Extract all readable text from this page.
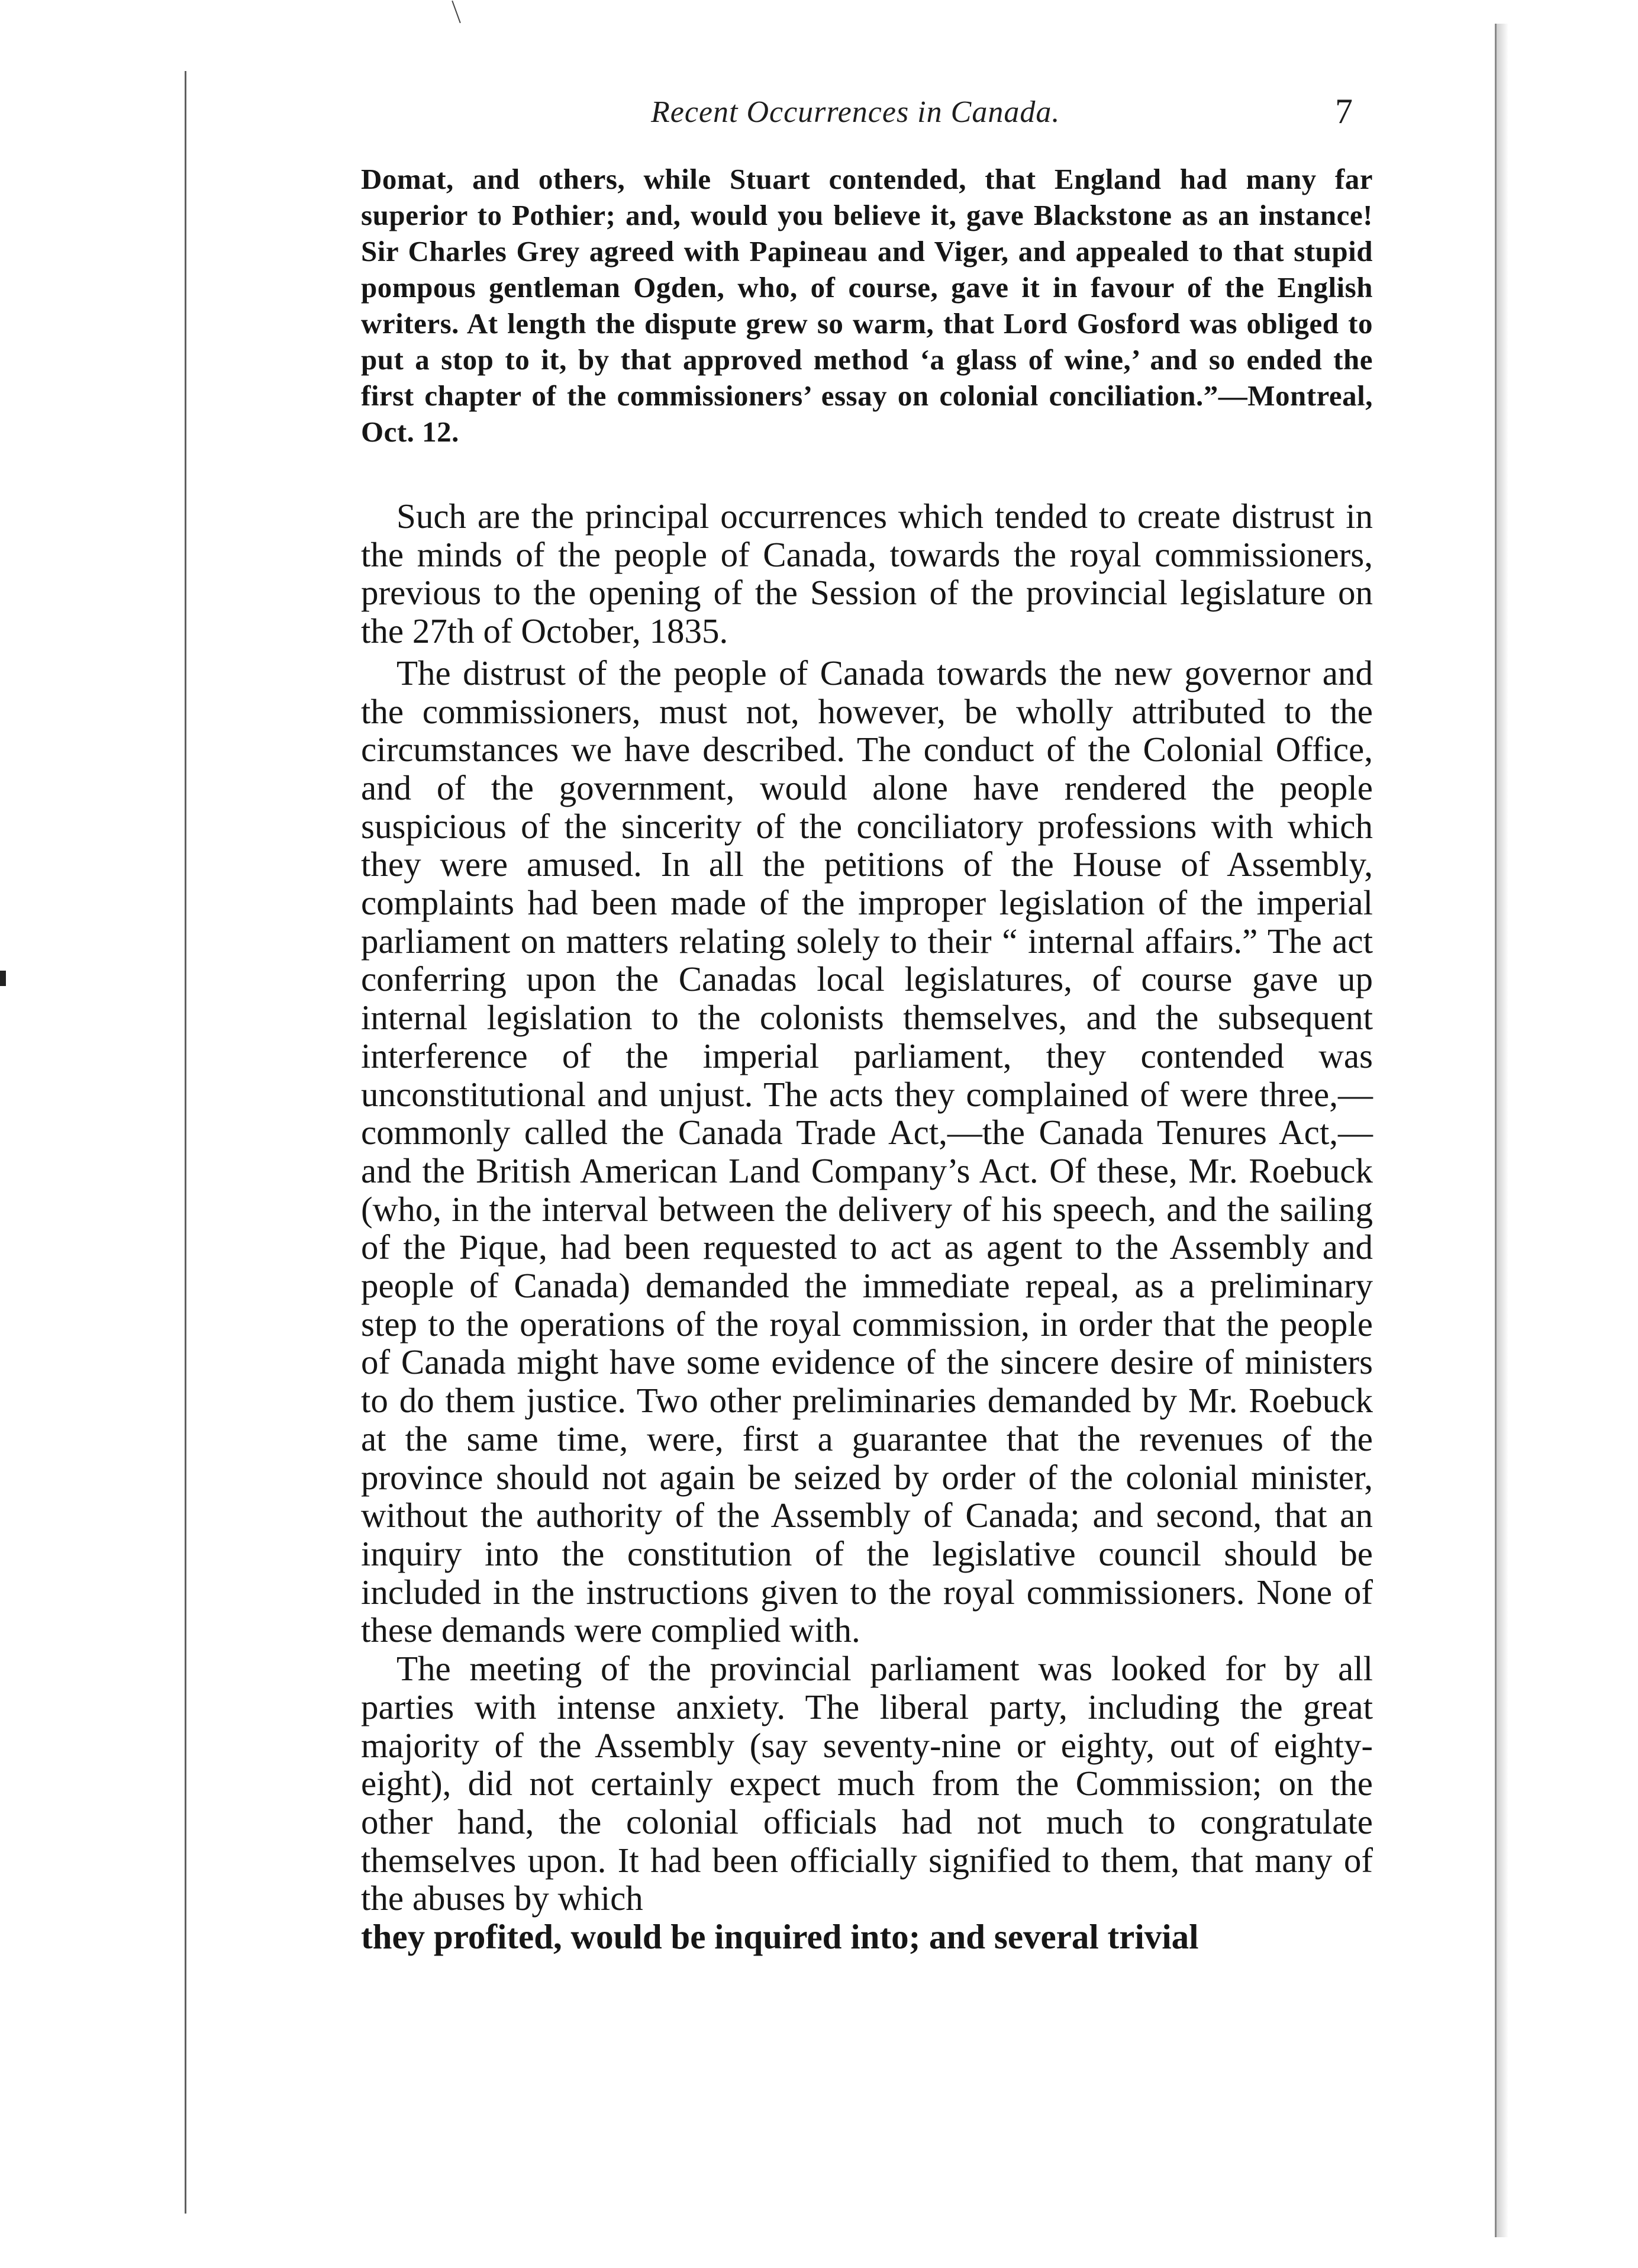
Recent Occurrences in Canada.	7

Domat, and others, while Stuart contended, that England had many far superior to Pothier; and, would you believe it, gave Blackstone as an instance! Sir Charles Grey agreed with Papineau and Viger, and appealed to that stupid pompous gentleman Ogden, who, of course, gave it in favour of the English writers. At length the dispute grew so warm, that Lord Gosford was obliged to put a stop to it, by that approved method ‘a glass of wine,’ and so ended the first chapter of the commissioners’ essay on colonial conciliation.”—Montreal, Oct. 12.

Such are the principal occurrences which tended to create distrust in the minds of the people of Canada, towards the royal commissioners, previous to the opening of the Session of the provincial legislature on the 27th of October, 1835.

The distrust of the people of Canada towards the new governor and the commissioners, must not, however, be wholly attributed to the circumstances we have described. The conduct of the Colonial Office, and of the government, would alone have rendered the people suspicious of the sincerity of the conciliatory professions with which they were amused. In all the petitions of the House of Assembly, complaints had been made of the improper legislation of the imperial parliament on matters relating solely to their “ internal affairs.” The act conferring upon the Canadas local legislatures, of course gave up internal legislation to the colonists themselves, and the subsequent interference of the imperial parliament, they contended was unconstitutional and unjust. The acts they complained of were three,—commonly called the Canada Trade Act,—the Canada Tenures Act,—and the British American Land Company’s Act. Of these, Mr. Roebuck (who, in the interval between the delivery of his speech, and the sailing of the Pique, had been requested to act as agent to the Assembly and people of Canada) demanded the immediate repeal, as a preliminary step to the operations of the royal commission, in order that the people of Canada might have some evidence of the sincere desire of ministers to do them justice. Two other preliminaries demanded by Mr. Roebuck at the same time, were, first a guarantee that the revenues of the province should not again be seized by order of the colonial minister, without the authority of the Assembly of Canada; and second, that an inquiry into the constitution of the legislative council should be included in the instructions given to the royal commissioners. None of these demands were complied with.

The meeting of the provincial parliament was looked for by all parties with intense anxiety. The liberal party, including the great majority of the Assembly (say seventy-nine or eighty, out of eighty-eight), did not certainly expect much from the Commission; on the other hand, the colonial officials had not much to congratulate themselves upon. It had been officially signified to them, that many of the abuses by which

they profited, would be inquired into; and several trivial
